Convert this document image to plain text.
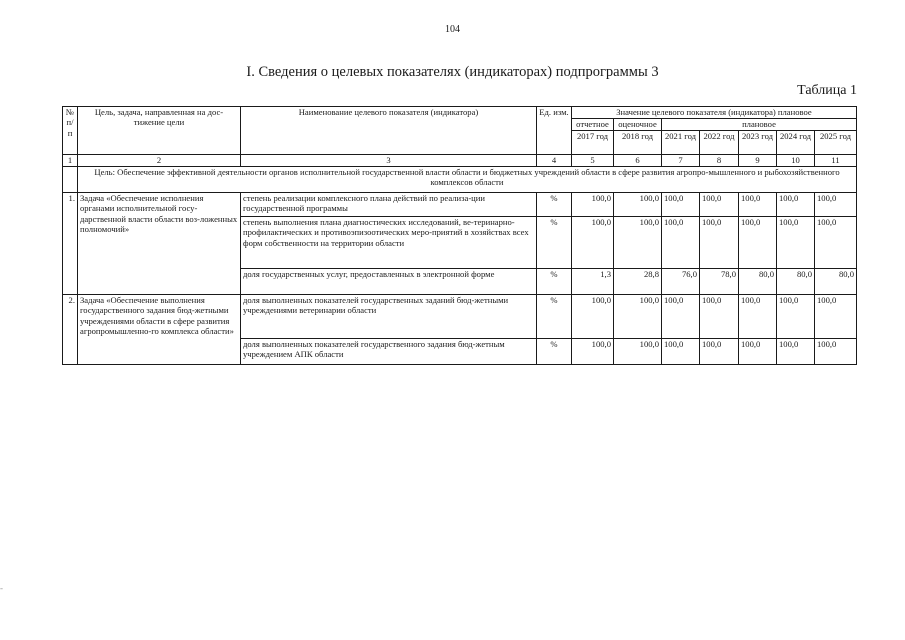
104
I. Сведения о целевых показателях (индикаторах) подпрограммы 3
Таблица 1
№ п/п	Цель, задача, направленная на дос-тижение цели	Наименование целевого показателя (индикатора)	Ед. изм.	Значение целевого показателя (индикатора) плановое						
				отчетное	оценочное	плановое				
				2017 год	2018 год	2021 год	2022 год	2023 год	2024 год	2025 год
1	2	3	4	5	6	7	8	9	10	11
	Цель: Обеспечение эффективной деятельности органов исполнительной государственной власти области и бюджетных учреждений области в сфере развития агропро-мышленного и рыбохозяйственного комплексов области									
1.	Задача «Обеспечение исполнения органами исполнительной госу-дарственной власти области воз-ложенных полномочий»	степень реализации комплексного плана действий по реализа-ции государственной программы	%	100,0	100,0	100,0	100,0	100,0	100,0	100,0
		степень выполнения плана диагностических исследований, ве-теринарно-профилактических и противоэпизоотических меро-приятий в хозяйствах всех форм собственности на территории области	%	100,0	100,0	100,0	100,0	100,0	100,0	100,0
		доля государственных услуг, предоставленных в электронной форме	%	1,3	28,8	76,0	78,0	80,0	80,0	80,0
2.	Задача «Обеспечение выполнения государственного задания бюд-жетными учреждениями области в сфере развития агропромышленно-го комплекса области»	доля выполненных показателей государственных заданий бюд-жетными учреждениями ветеринарии области	%	100,0	100,0	100,0	100,0	100,0	100,0	100,0
		доля выполненных показателей государственного задания бюд-жетным учреждением АПК области	%	100,0	100,0	100,0	100,0	100,0	100,0	100,0
-
